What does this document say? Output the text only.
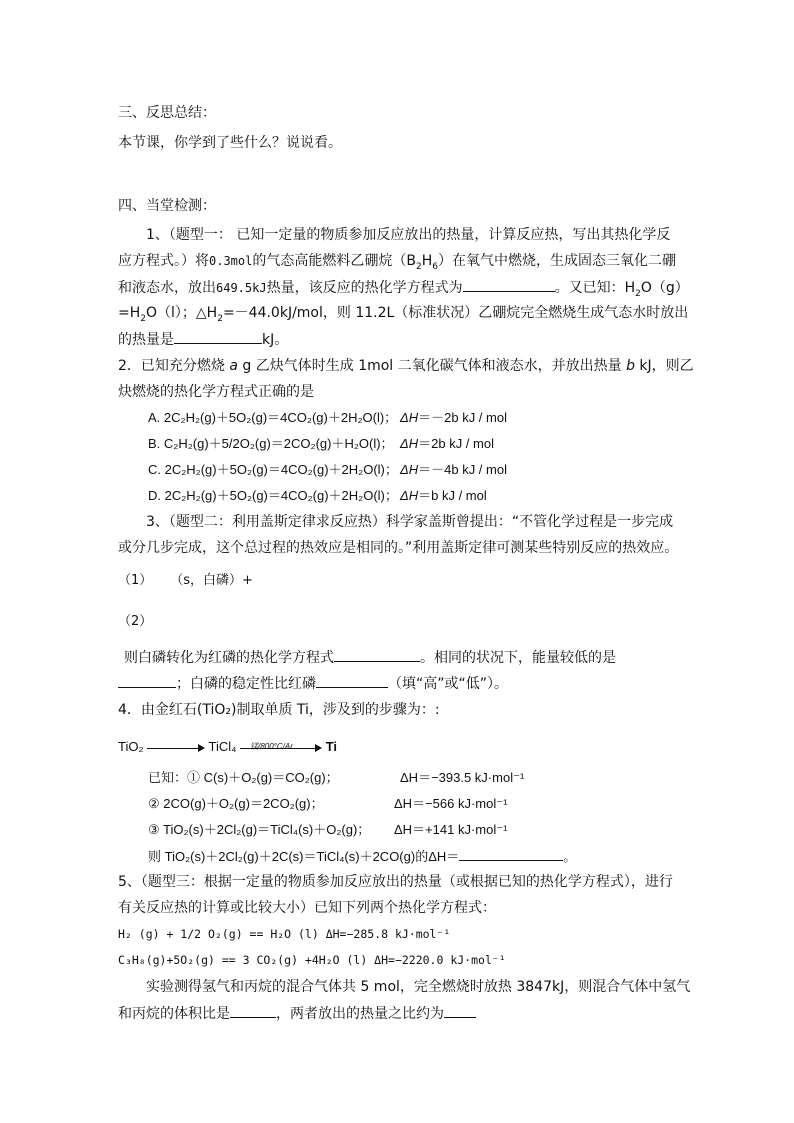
三、反思总结：
本节课，你学到了些什么？说说看。
四、当堂检测：
1、（题型一： 已知一定量的物质参加反应放出的热量，计算反应热，写出其热化学反
应方程式。）将0.3mol的气态高能燃料乙硼烷$(B_2H_6)$在氧气中燃烧，生成固态三氧化二硼
和液态水，放出649.5kJ热量，该反应的热化学方程式为	。又已知：$H_2O(g)$
$=H_2O(l)$；$\triangle H_2=-44.0kJ$/mol，则 11.2L（标准状况）乙硼烷完全燃烧生成气态水时放出
的热量是	kJ。
2．已知充分燃烧 a g 乙炔气体时生成 1mol 二氧化碳气体和液态水，并放出热量 b kJ，则乙
炔燃烧的热化学方程式正确的是
A. 2C₂H₂(g)＋5O₂(g)＝4CO₂(g)＋2H₂O(l)； ΔH＝－2b kJ / mol
B. C₂H₂(g)＋5/2O₂(g)＝2CO₂(g)＋H₂O(l)； ΔH＝2b kJ / mol
C. 2C₂H₂(g)＋5O₂(g)＝4CO₂(g)＋2H₂O(l)； ΔH＝－4b kJ / mol
D. 2C₂H₂(g)＋5O₂(g)＝4CO₂(g)＋2H₂O(l)； ΔH＝b kJ / mol
3、（题型二：利用盖斯定律求反应热）科学家盖斯曾提出：“不管化学过程是一步完成
或分几步完成，这个总过程的热效应是相同的。”利用盖斯定律可测某些特别反应的热效应。
（1） （s，白磷）+
（2）
则白磷转化为红磷的热化学方程式	。相同的状况下，能量较低的是
；白磷的稳定性比红磷	（填“高”或“低”）。
4．由金红石(TiO₂)制取单质 Ti，涉及到的步骤为：:
TiO₂	TiCl₄ 镁/800°C/Ar	Ti
已知：① C(s)＋O₂(g)＝CO₂(g)；	ΔH＝−393.5 kJ·mol⁻¹
② 2CO(g)＋O₂(g)＝2CO₂(g)；	ΔH＝−566 kJ·mol⁻¹
③ TiO₂(s)＋2Cl₂(g)＝TiCl₄(s)＋O₂(g)； ΔH＝+141 kJ·mol⁻¹
则 TiO₂(s)＋2Cl₂(g)＋2C(s)＝TiCl₄(s)＋2CO(g)的ΔH＝	。
5、（题型三：根据一定量的物质参加反应放出的热量（或根据已知的热化学方程式），进行
有关反应热的计算或比较大小）已知下列两个热化学方程式：
H₂ (g) + 1/2 O₂(g) == H₂O (l) ΔH=−285.8 kJ·mol⁻¹
C₃H₈(g)+5O₂(g) == 3 CO₂(g) +4H₂O (l) ΔH=−2220.0 kJ·mol⁻¹
实验测得氢气和丙烷的混合气体共 5 mol，完全燃烧时放热 3847kJ，则混合气体中氢气
和丙烷的体积比是	，两者放出的热量之比约为
